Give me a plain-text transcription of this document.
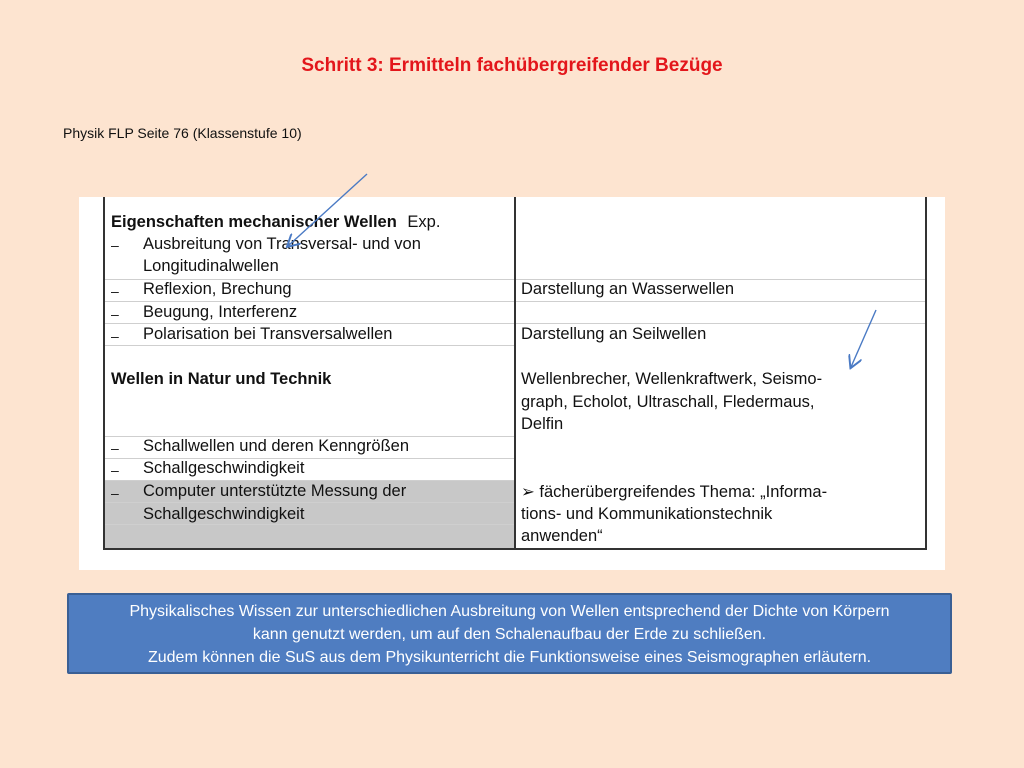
Schritt 3: Ermitteln fachübergreifender Bezüge
Physik FLP Seite 76 (Klassenstufe 10)
Eigenschaften mechanischer Wellen Exp.
– Ausbreitung von Transversal- und von
Longitudinalwellen
– Reflexion, Brechung
– Beugung, Interferenz
– Polarisation bei Transversalwellen
Wellen in Natur und Technik
– Schallwellen und deren Kenngrößen
– Schallgeschwindigkeit
– Computer unterstützte Messung der
Schallgeschwindigkeit
Darstellung an Wasserwellen
Darstellung an Seilwellen
Wellenbrecher, Wellenkraftwerk, Seismo-
graph, Echolot, Ultraschall, Fledermaus,
Delfin
➢ fächerübergreifendes Thema: „Informa-
tions- und Kommunikationstechnik
anwenden“
Physikalisches Wissen zur unterschiedlichen Ausbreitung von Wellen entsprechend der Dichte von Körpern
kann genutzt werden, um auf den Schalenaufbau der Erde zu schließen.
Zudem können die SuS aus dem Physikunterricht die Funktionsweise eines Seismographen erläutern.
